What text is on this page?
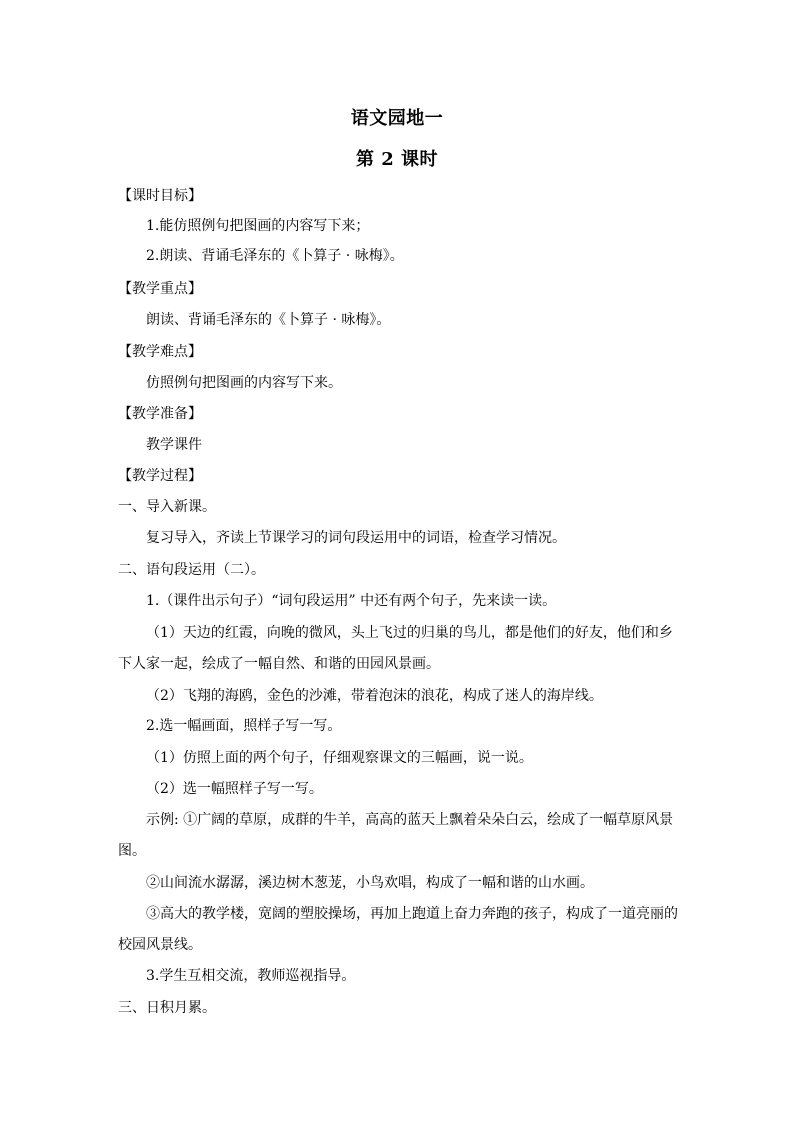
语文园地一
第 2 课时
【课时目标】
1.能仿照例句把图画的内容写下来；
2.朗读、背诵毛泽东的《卜算子 · 咏梅》。
【教学重点】
朗读、背诵毛泽东的《卜算子 · 咏梅》。
【教学难点】
仿照例句把图画的内容写下来。
【教学准备】
教学课件
【教学过程】
一、导入新课。
复习导入，齐读上节课学习的词句段运用中的词语，检查学习情况。
二、语句段运用（二）。
1.（课件出示句子）“词句段运用” 中还有两个句子，先来读一读。
（1）天边的红霞，向晚的微风，头上飞过的归巢的鸟儿，都是他们的好友，他们和乡
下人家一起，绘成了一幅自然、和谐的田园风景画。
（2）飞翔的海鸥，金色的沙滩，带着泡沫的浪花，构成了迷人的海岸线。
2.选一幅画面，照样子写一写。
（1）仿照上面的两个句子，仔细观察课文的三幅画，说一说。
（2）选一幅照样子写一写。
示例: ①广阔的草原，成群的牛羊，高高的蓝天上飘着朵朵白云，绘成了一幅草原风景
图。
②山间流水潺潺，溪边树木葱茏，小鸟欢唱，构成了一幅和谐的山水画。
③高大的教学楼，宽阔的塑胶操场，再加上跑道上奋力奔跑的孩子，构成了一道亮丽的
校园风景线。
3.学生互相交流，教师巡视指导。
三、日积月累。
